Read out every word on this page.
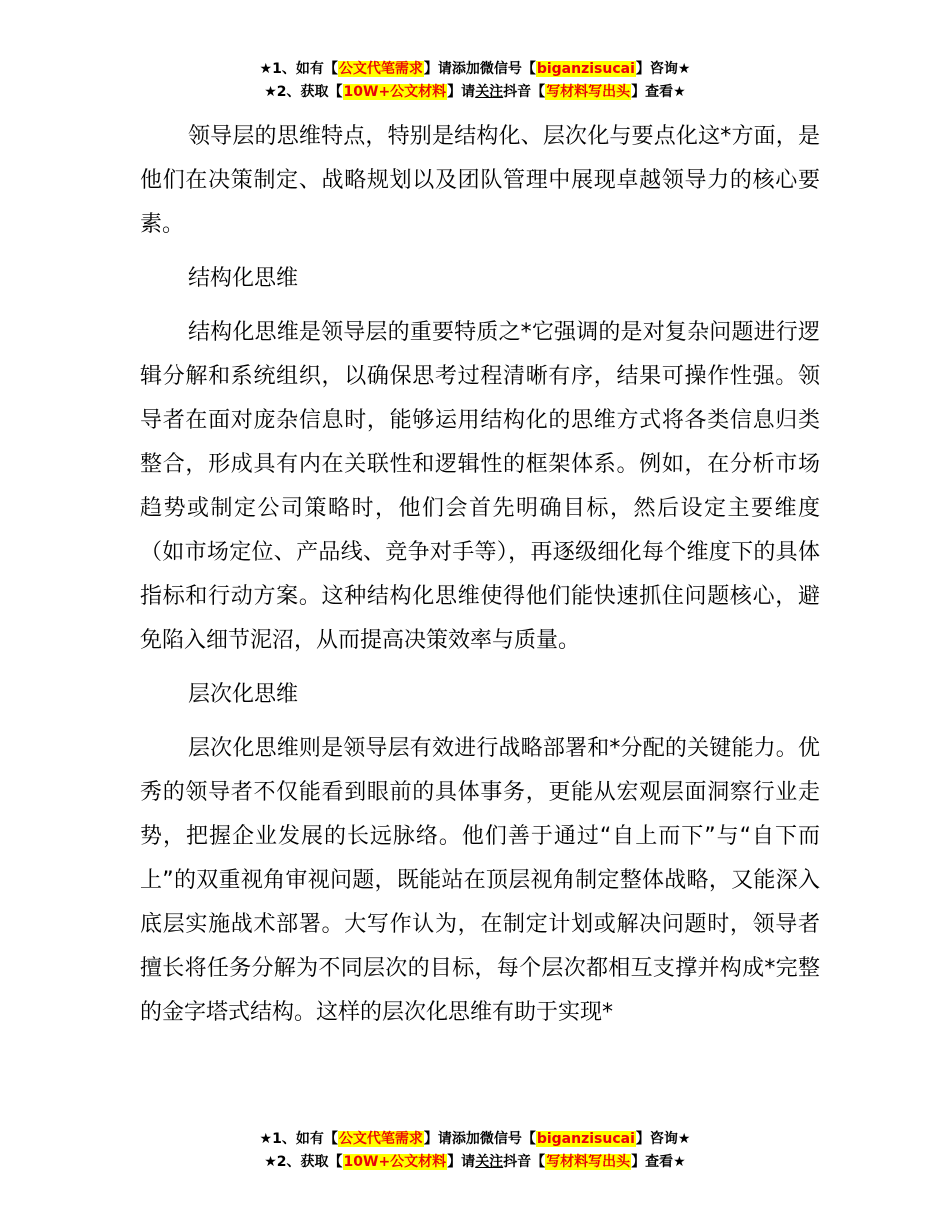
★1、如有【公文代笔需求】请添加微信号【biganzisucai】咨询★
★2、获取【10W+公文材料】请关注抖音【写材料写出头】查看★

领导层的思维特点，特别是结构化、层次化与要点化这*方面，是他们在决策制定、战略规划以及团队管理中展现卓越领导力的核心要素。

结构化思维

结构化思维是领导层的重要特质之*它强调的是对复杂问题进行逻辑分解和系统组织，以确保思考过程清晰有序，结果可操作性强。领导者在面对庞杂信息时，能够运用结构化的思维方式将各类信息归类整合，形成具有内在关联性和逻辑性的框架体系。例如，在分析市场趋势或制定公司策略时，他们会首先明确目标，然后设定主要维度（如市场定位、产品线、竞争对手等），再逐级细化每个维度下的具体指标和行动方案。这种结构化思维使得他们能快速抓住问题核心，避免陷入细节泥沼，从而提高决策效率与质量。

层次化思维

层次化思维则是领导层有效进行战略部署和*分配的关键能力。优秀的领导者不仅能看到眼前的具体事务，更能从宏观层面洞察行业走势，把握企业发展的长远脉络。他们善于通过“自上而下”与“自下而上”的双重视角审视问题，既能站在顶层视角制定整体战略，又能深入底层实施战术部署。大写作认为，在制定计划或解决问题时，领导者擅长将任务分解为不同层次的目标，每个层次都相互支撑并构成*完整的金字塔式结构。这样的层次化思维有助于实现*

★1、如有【公文代笔需求】请添加微信号【biganzisucai】咨询★
★2、获取【10W+公文材料】请关注抖音【写材料写出头】查看★
